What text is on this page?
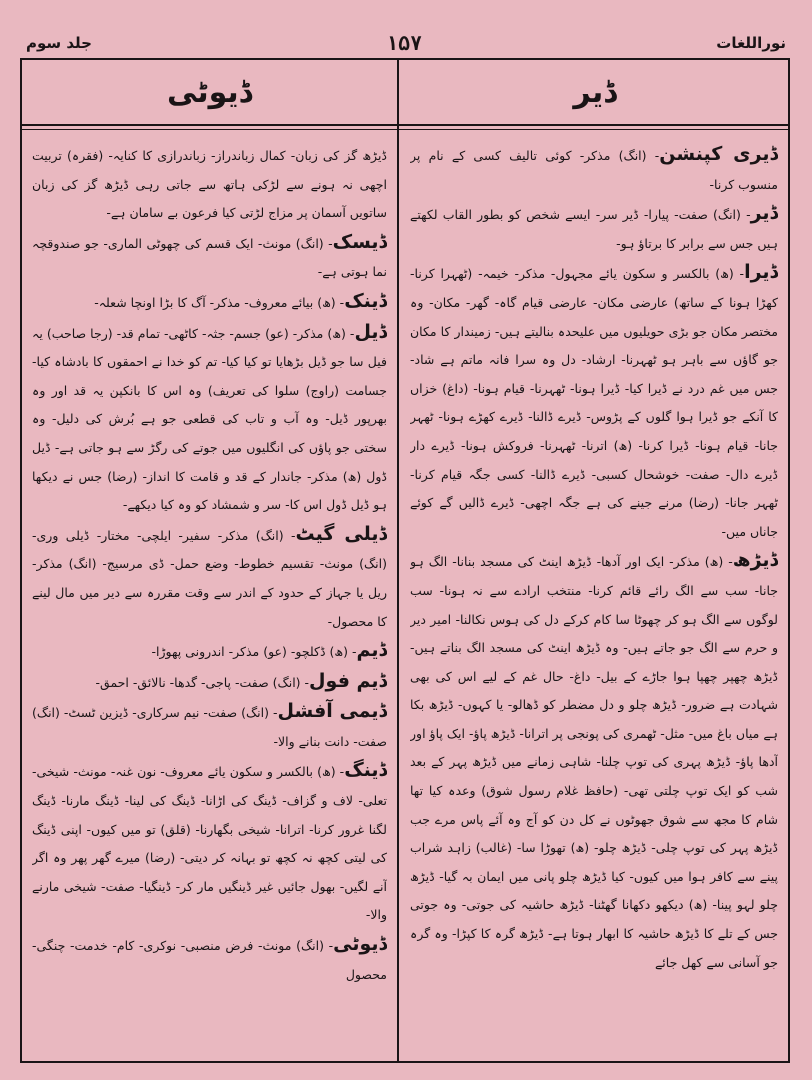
نوراللغات
۱۵۷
جلد سوم
ڈیر
ڈیوٹی

ڈیری کپنشن- (انگ) مذکر- کوئی تالیف کسی کے نام پر منسوب کرنا-

ڈیر- (انگ) صفت- پیارا- ڈیر سر- ایسے شخص کو بطور القاب لکھتے ہیں جس سے برابر کا برتاؤ ہو-

ڈیرا- (ھ) بالکسر و سکون یائے مجہول- مذکر- خیمہ- (ٹھہرا کرنا- کھڑا ہونا کے ساتھ) عارضی مکان- عارضی قیام گاہ- گھر- مکان- وہ مختصر مکان جو بڑی حویلیوں میں علیحدہ بنالیتے ہیں- زمیندار کا مکان جو گاؤں سے باہر ہو ٹھہرنا- ارشاد- دل وہ سرا فانہ ماتم ہے شاد- جس میں غم درد نے ڈیرا کیا- ڈیرا ہونا- ٹھہرنا- قیام ہونا- (داغ) خزاں کا آنکے جو ڈیرا ہوا گلوں کے پڑوس- ڈیرے ڈالنا- ڈیرے کھڑے ہونا- ٹھہر جانا- قیام ہونا- ڈیرا کرنا- (ھ) اترنا- ٹھہرنا- فروکش ہونا- ڈیرے دار ڈیرے دال- صفت- خوشحال کسبی- ڈیرے ڈالنا- کسی جگہ قیام کرنا- ٹھہر جانا- (رضا) مرنے جینے کی ہے جگہ اچھی- ڈیرے ڈالیں گے کوئے جاناں میں-

ڈیڑھ- (ھ) مذکر- ایک اور آدھا- ڈیڑھ اینٹ کی مسجد بنانا- الگ ہو جانا- سب سے الگ رائے قائم کرنا- منتخب ارادے سے نہ ہونا- سب لوگوں سے الگ ہو کر چھوٹا سا کام کرکے دل کی ہوس نکالنا- امیر دیر و حرم سے الگ جو جاتے ہیں- وہ ڈیڑھ اینٹ کی مسجد الگ بناتے ہیں- ڈیڑھ چھپر چھپا ہوا جاڑے کے بیل- داغ- حال غم کے لیے اس کی بھی شہادت ہے ضرور- ڈیڑھ چلو و دل مضطر کو ڈھالو- یا کہوں- ڈیڑھ بکا ہے میاں باغ میں- مثل- ٹھمری کی پونجی پر اترانا- ڈیڑھ پاؤ- ایک پاؤ اور آدھا پاؤ- ڈیڑھ پہری کی توپ چلنا- شاہی زمانے میں ڈیڑھ پہر کے بعد شب کو ایک توپ چلتی تھی- (حافظ غلام رسول شوق) وعدہ کیا تھا شام کا مجھ سے شوق جھوٹوں نے کل دن کو آج وہ آئے پاس مرے جب ڈیڑھ پہر کی توپ چلی- ڈیڑھ چلو- (ھ) تھوڑا سا- (غالب) زاہد شراب پینے سے کافر ہوا میں کیوں- کیا ڈیڑھ چلو پانی میں ایمان بہ گیا- ڈیڑھ چلو لہو پینا- (ھ) دیکھو دکھانا گھٹنا- ڈیڑھ حاشیہ کی جوتی- وہ جوتی جس کے تلے کا ڈیڑھ حاشیہ کا ابھار ہوتا ہے- ڈیڑھ گرہ کا کپڑا- وہ گرہ جو آسانی سے کھل جائے

ڈیڑھ گز کی زبان- کمال زباندراز- زباندرازی کا کنایہ- (فقرہ) تربیت اچھی نہ ہونے سے لڑکی ہاتھ سے جاتی رہی ڈیڑھ گز کی زبان ساتویں آسمان پر مزاج لڑتی کیا فرعون بے سامان ہے-

ڈیسک- (انگ) مونث- ایک قسم کی چھوٹی الماری- جو صندوقچہ نما ہوتی ہے-

ڈینک- (ھ) بیائے معروف- مذکر- آگ کا بڑا اونچا شعلہ-

ڈیل- (ھ) مذکر- (عو) جسم- جثہ- کاٹھی- تمام قد- (رجا صاحب) یہ فیل سا جو ڈیل بڑھایا تو کیا کیا- تم کو خدا نے احمقوں کا بادشاہ کیا- جسامت (راوج) سلوا کی تعریف) وہ اس کا بانکپن یہ قد اور وہ بھرپور ڈیل- وہ آب و تاب کی قطعی جو ہے بُرش کی دلیل- وہ سختی جو پاؤں کی انگلیوں میں جوتے کی رگڑ سے ہو جاتی ہے- ڈیل ڈول (ھ) مذکر- جاندار کے قد و قامت کا انداز- (رضا) جس نے دیکھا ہو ڈیل ڈول اس کا- سر و شمشاد کو وہ کیا دیکھے-

ڈیلی گیٹ- (انگ) مذکر- سفیر- ایلچی- مختار- ڈیلی وری- (انگ) مونث- تقسیم خطوط- وضع حمل- ڈی مرسیج- (انگ) مذکر- ریل یا جہاز کے حدود کے اندر سے وقت مقررہ سے دیر میں مال لینے کا محصول-

ڈیم- (ھ) ڈکلچو- (عو) مذکر- اندرونی پھوڑا-

ڈیم فول- (انگ) صفت- پاجی- گدھا- نالائق- احمق-

ڈیمی آفشل- (انگ) صفت- نیم سرکاری- ڈیزین ٹسٹ- (انگ) صفت- دانت بنانے والا-

ڈینگ- (ھ) بالکسر و سکون یائے معروف- نون غنہ- مونث- شیخی- تعلی- لاف و گزاف- ڈینگ کی اڑانا- ڈینگ کی لینا- ڈینگ مارنا- ڈینگ لگنا غرور کرنا- اترانا- شیخی بگھارنا- (قلق) تو میں کیوں- اپنی ڈینگ کی لیتی کچھ نہ کچھ تو بہانہ کر دیتی- (رضا) میرے گھر پھر وہ اگر آنے لگیں- بھول جائیں غیر ڈینگیں مار کر- ڈینگیا- صفت- شیخی مارنے والا-

ڈیوٹی- (انگ) مونث- فرض منصبی- نوکری- کام- خدمت- چنگی- محصول
